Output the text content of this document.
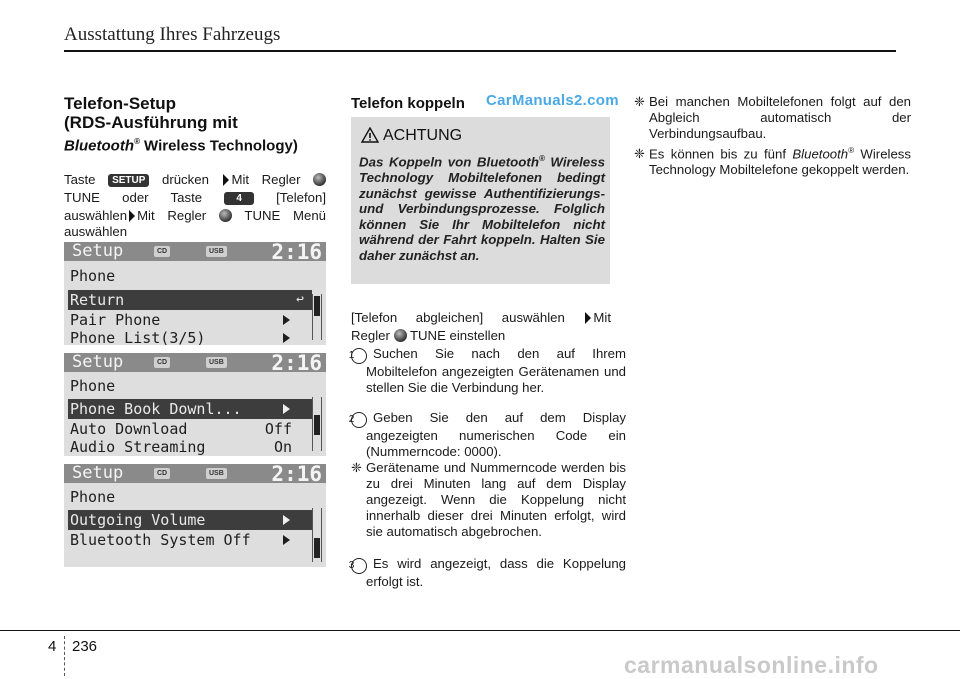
Ausstattung Ihres Fahrzeugs
Telefon-Setup
(RDS-Ausführung mit
Bluetooth® Wireless Technology)
Taste SETUP drücken Mit Regler
TUNE oder Taste	4	[Telefon]
auswählen Mit Regler	TUNE Menü
auswählen
Setup	CD	USB 2:16
Phone
Return	↩
Pair Phone
Phone List(3/5)
Setup	CD	USB 2:16
Phone
Phone Book Downl...
Auto Download	Off
Audio Streaming	On
Setup	CD	USB 2:16
Phone
Outgoing Volume
Bluetooth System Off
Telefon koppeln CarManuals2.com
ACHTUNG
Das Koppeln von Bluetooth® Wireless Technology Mobiltelefonen bedingt zunächst gewisse Authentifizierungs- und Verbindungsprozesse. Folglich können Sie Ihr Mobiltelefon nicht während der Fahrt koppeln. Halten Sie daher zunächst an.
[Telefon abgleichen] auswählen Mit
Regler TUNE einstellen
1 Suchen Sie nach den auf Ihrem Mobiltelefon angezeigten Gerätenamen und stellen Sie die Verbindung her.
2 Geben Sie den auf dem Display angezeigten numerischen Code ein (Nummerncode: 0000).
❈ Gerätename und Nummerncode werden bis zu drei Minuten lang auf dem Display angezeigt. Wenn die Koppelung nicht innerhalb dieser drei Minuten erfolgt, wird sie automatisch abgebrochen.
3 Es wird angezeigt, dass die Koppelung erfolgt ist.
❈ Bei manchen Mobiltelefonen folgt auf den Abgleich automatisch der Verbindungsaufbau.
❈ Es können bis zu fünf Bluetooth® Wireless Technology Mobiltelefone gekoppelt werden.
4 236
carmanualsonline.info
